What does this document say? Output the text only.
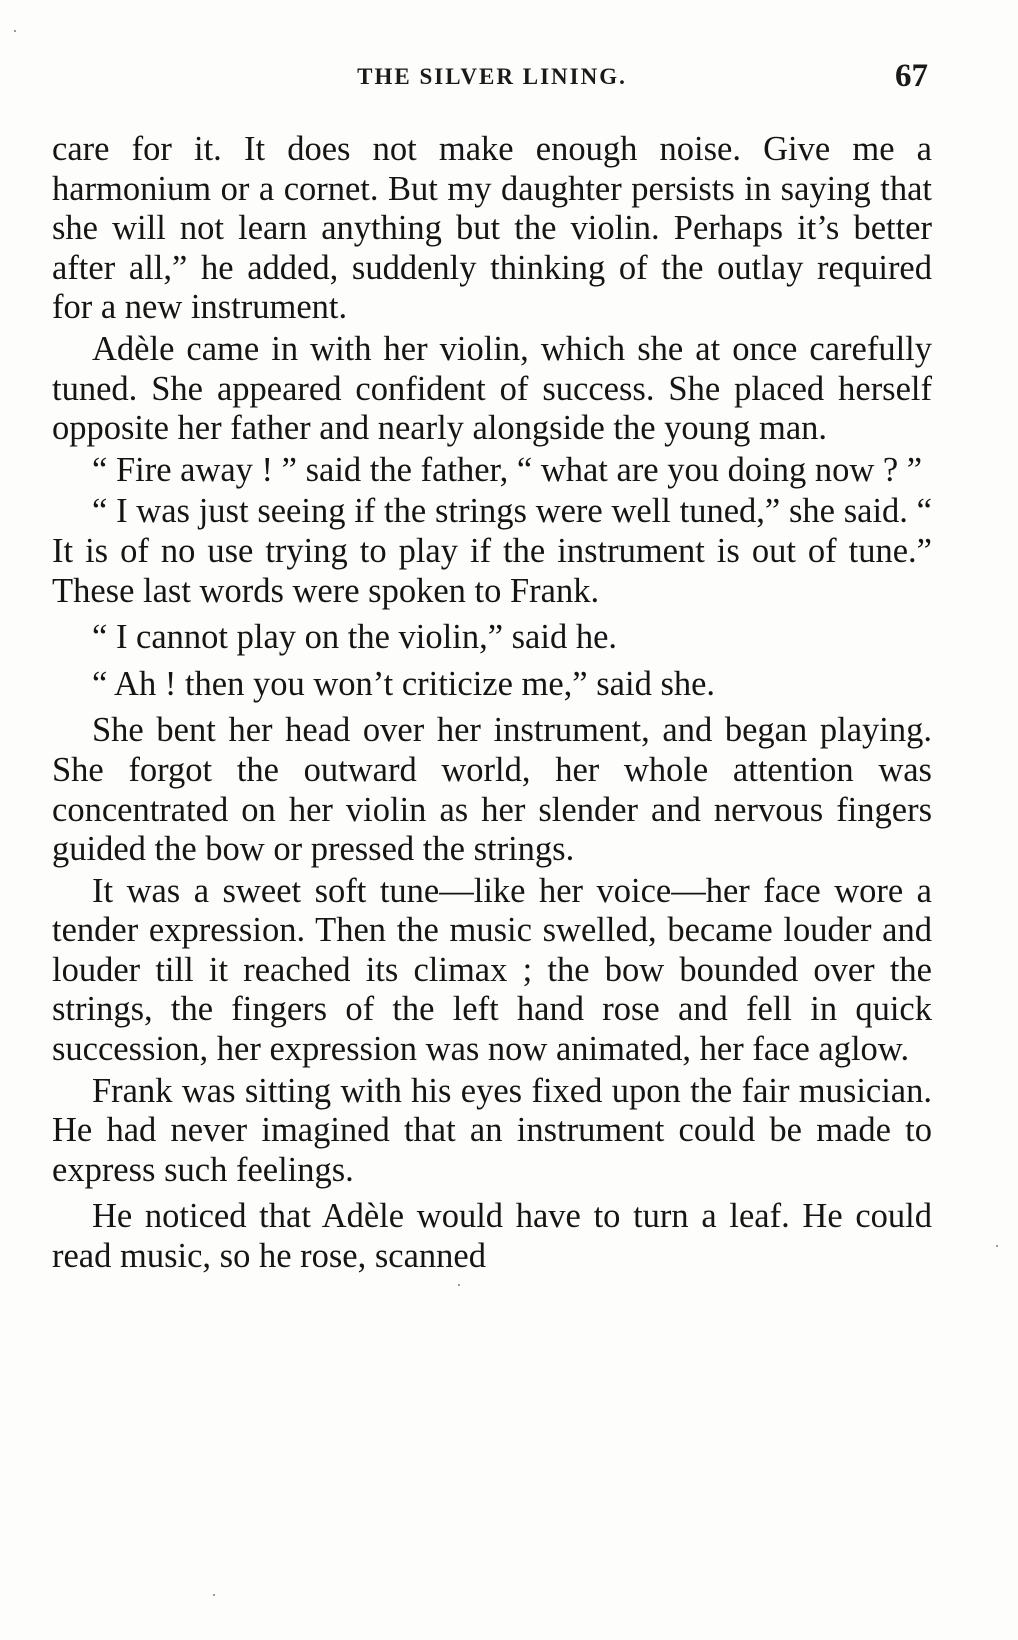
THE SILVER LINING.	67

care for it. It does not make enough noise. Give me a harmonium or a cornet. But my daughter persists in saying that she will not learn anything but the violin. Perhaps it’s better after all,” he added, suddenly thinking of the outlay required for a new instrument.

Adèle came in with her violin, which she at once carefully tuned. She appeared confident of success. She placed herself opposite her father and nearly alongside the young man.

“ Fire away ! ” said the father, “ what are you doing now ? ”

“ I was just seeing if the strings were well tuned,” she said. “ It is of no use trying to play if the instrument is out of tune.” These last words were spoken to Frank.

“ I cannot play on the violin,” said he.

“ Ah ! then you won’t criticize me,” said she.

She bent her head over her instrument, and began playing. She forgot the outward world, her whole attention was concentrated on her violin as her slender and nervous fingers guided the bow or pressed the strings.

It was a sweet soft tune—like her voice—her face wore a tender expression. Then the music swelled, became louder and louder till it reached its climax ; the bow bounded over the strings, the fingers of the left hand rose and fell in quick succession, her expression was now animated, her face aglow.

Frank was sitting with his eyes fixed upon the fair musician. He had never imagined that an instrument could be made to express such feelings.

He noticed that Adèle would have to turn a leaf. He could read music, so he rose, scanned
